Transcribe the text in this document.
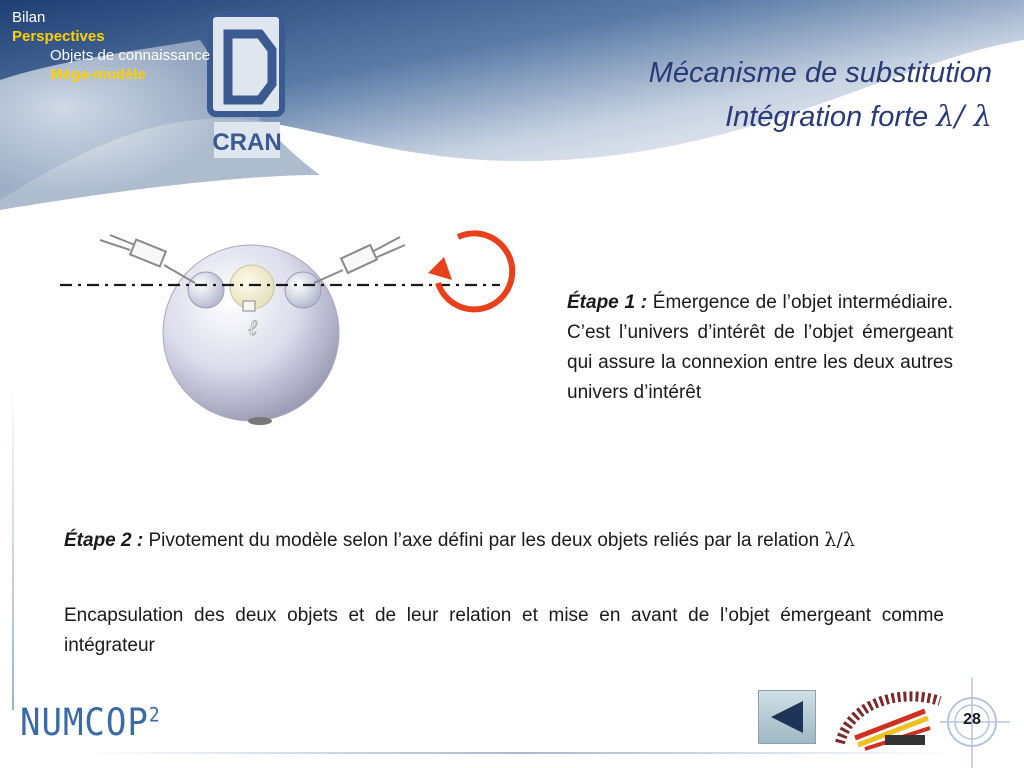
CRAN
Bilan
Perspectives
Objets de connaissance
Méga-modèle	Mécanisme de substitution
Intégration forte λ/ λ
ℓ
Étape 1 : Émergence de l’objet intermédiaire. C’est l’univers d’intérêt de l’objet émergeant qui assure la connexion entre les deux autres univers d’intérêt
Étape 2 : Pivotement du modèle selon l’axe défini par les deux objets reliés par la relation λ/λ
Encapsulation des deux objets et de leur relation et mise en avant de l’objet émergeant comme intégrateur
NUMCOP$^2$	28
